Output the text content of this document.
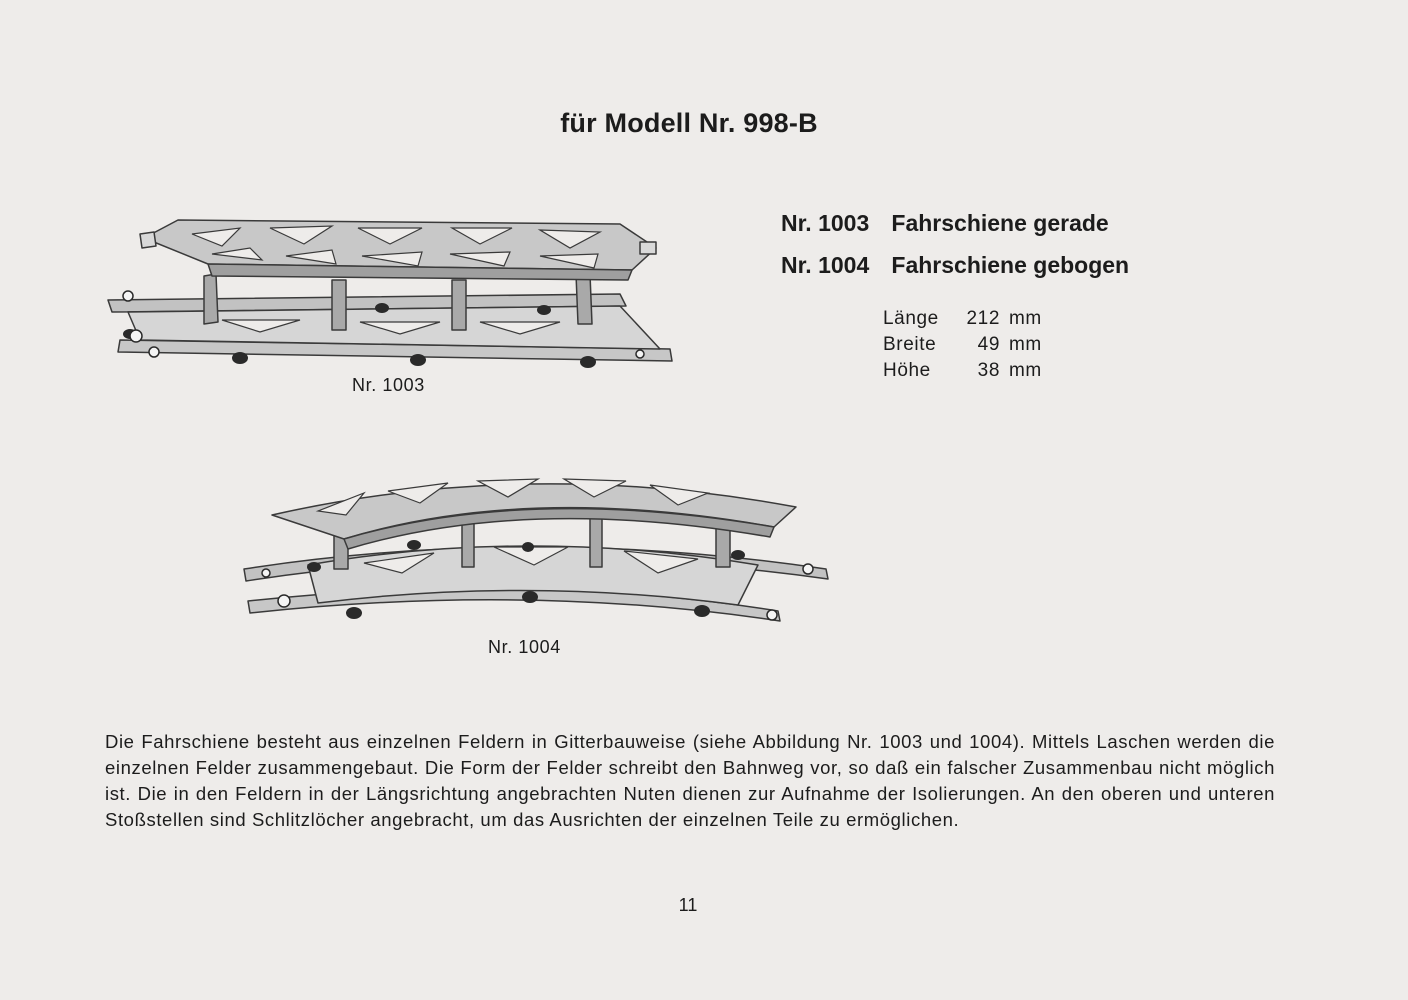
für Modell Nr. 998-B
Nr. 1003 Fahrschiene gerade
Nr. 1004 Fahrschiene gebogen
Länge 212 mm
Breite 49 mm
Höhe 38 mm
Nr. 1003
Nr. 1004
Die Fahrschiene besteht aus einzelnen Feldern in Gitterbauweise (siehe Abbildung Nr. 1003 und 1004). Mittels Laschen werden die einzelnen Felder zusammengebaut. Die Form der Felder schreibt den Bahnweg vor, so daß ein falscher Zusammenbau nicht möglich ist. Die in den Feldern in der Längsrichtung angebrachten Nuten dienen zur Aufnahme der Isolierungen. An den oberen und unteren Stoßstellen sind Schlitzlöcher angebracht, um das Ausrichten der einzelnen Teile zu ermöglichen.
11
